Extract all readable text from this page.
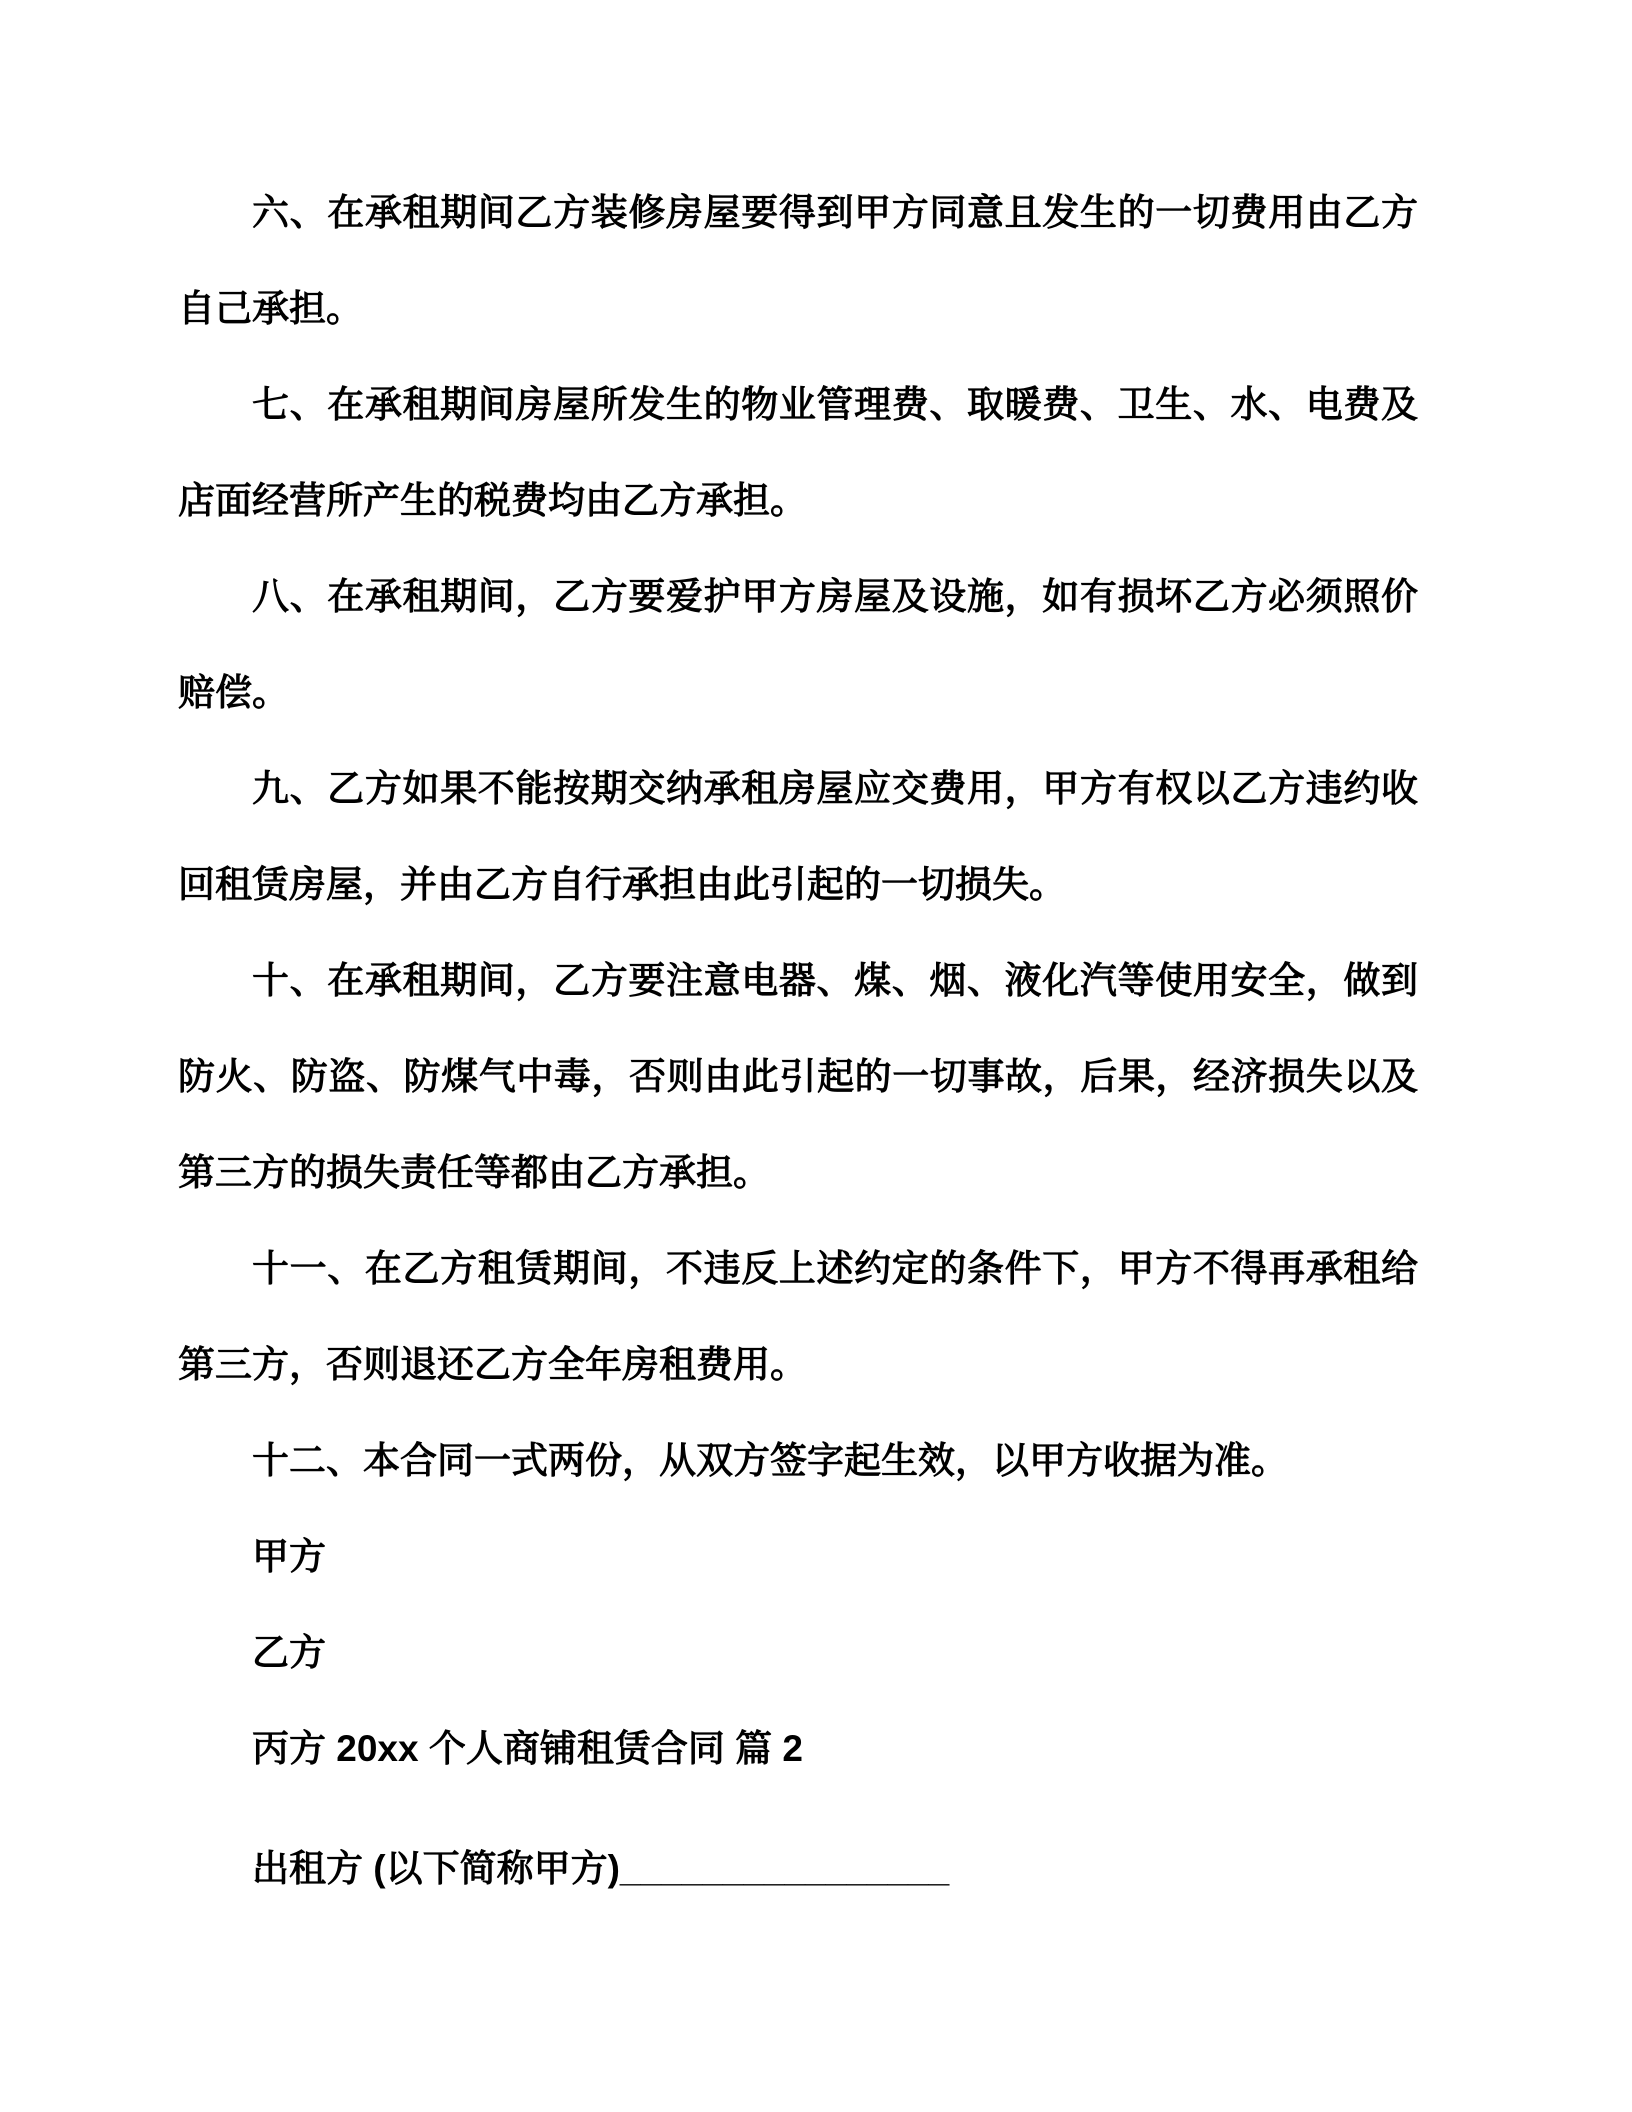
六、在承租期间乙方装修房屋要得到甲方同意且发生的一切费用由乙方自己承担。

七、在承租期间房屋所发生的物业管理费、取暖费、卫生、水、电费及店面经营所产生的税费均由乙方承担。

八、在承租期间，乙方要爱护甲方房屋及设施，如有损坏乙方必须照价赔偿。

九、乙方如果不能按期交纳承租房屋应交费用，甲方有权以乙方违约收回租赁房屋，并由乙方自行承担由此引起的一切损失。

十、在承租期间，乙方要注意电器、煤、烟、液化汽等使用安全，做到防火、防盗、防煤气中毒，否则由此引起的一切事故，后果，经济损失以及第三方的损失责任等都由乙方承担。

十一、在乙方租赁期间，不违反上述约定的条件下，甲方不得再承租给第三方，否则退还乙方全年房租费用。

十二、本合同一式两份，从双方签字起生效，以甲方收据为准。

甲方

乙方

丙方 20xx 个人商铺租赁合同 篇 2

出租方 (以下简称甲方)________________
